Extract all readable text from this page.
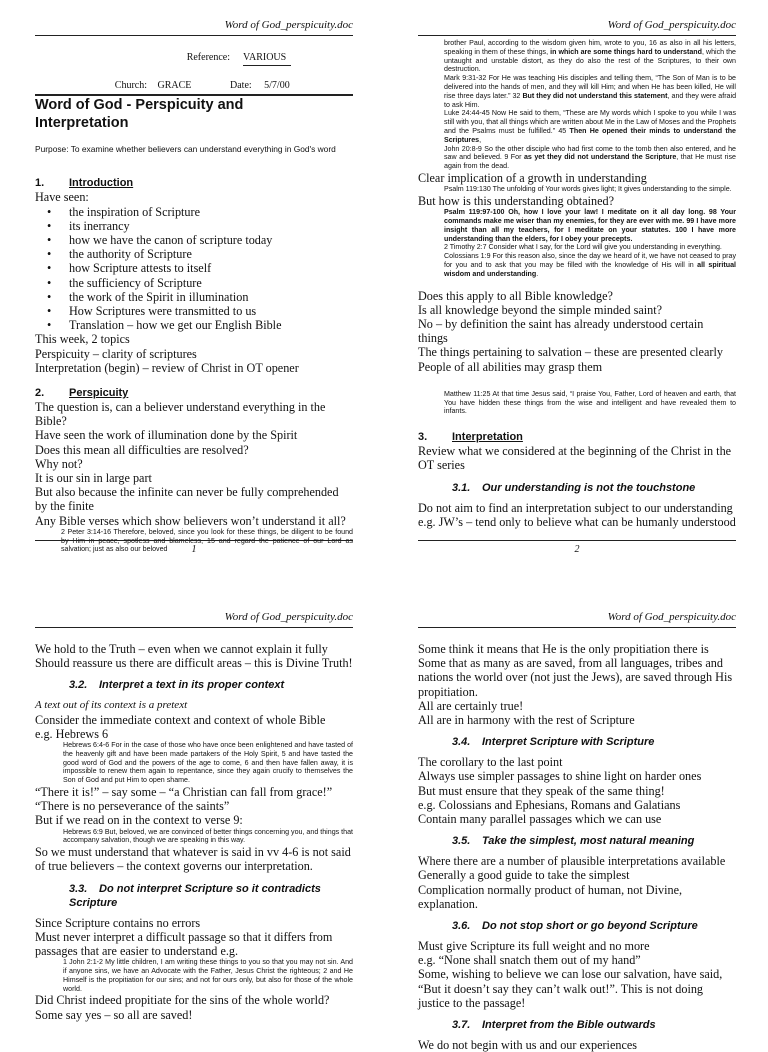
Word of God_perspicuity.doc
Reference: VARIOUS
Church: GRACE	Date: 5/7/00
Word of God - Perspicuity and
Interpretation
Purpose: To examine whether believers can understand everything in God's word
1. Introduction
Have seen:
• the inspiration of Scripture
• its inerrancy
• how we have the canon of scripture today
• the authority of Scripture
• how Scripture attests to itself
• the sufficiency of Scripture
• the work of the Spirit in illumination
• How Scriptures were transmitted to us
• Translation – how we get our English Bible
This week, 2 topics
Perspicuity – clarity of scriptures
Interpretation (begin) – review of Christ in OT opener
2. Perspicuity
The question is, can a believer understand everything in the Bible?
Have seen the work of illumination done by the Spirit
Does this mean all difficulties are resolved?
Why not?
It is our sin in large part
But also because the infinite can never be fully comprehended by the finite
Any Bible verses which show believers won’t understand it all?
2 Peter 3:14-16 Therefore, beloved, since you look for these things, be diligent to be found by Him in peace, spotless and blameless, 15 and regard the patience of our Lord as salvation; just as also our beloved	1
Word of God_perspicuity.doc
brother Paul, according to the wisdom given him, wrote to you, 16 as also in all his letters, speaking in them of these things, in which are some things hard to understand, which the untaught and unstable distort, as they do also the rest of the Scriptures, to their own destruction.
Mark 9:31-32 For He was teaching His disciples and telling them, “The Son of Man is to be delivered into the hands of men, and they will kill Him; and when He has been killed, He will rise three days later.” 32 But they did not understand this statement, and they were afraid to ask Him.
Luke 24:44-45 Now He said to them, “These are My words which I spoke to you while I was still with you, that all things which are written about Me in the Law of Moses and the Prophets and the Psalms must be fulfilled.” 45 Then He opened their minds to understand the Scriptures,
John 20:8-9 So the other disciple who had first come to the tomb then also entered, and he saw and believed. 9 For as yet they did not understand the Scripture, that He must rise again from the dead.
Clear implication of a growth in understanding
Psalm 119:130 The unfolding of Your words gives light; It gives understanding to the simple.
But how is this understanding obtained?
Psalm 119:97-100 Oh, how I love your law! I meditate on it all day long. 98 Your commands make me wiser than my enemies, for they are ever with me. 99 I have more insight than all my teachers, for I meditate on your statutes. 100 I have more understanding than the elders, for I obey your precepts.
2 Timothy 2:7 Consider what I say, for the Lord will give you understanding in everything.
Colossians 1:9 For this reason also, since the day we heard of it, we have not ceased to pray for you and to ask that you may be filled with the knowledge of His will in all spiritual wisdom and understanding.
Does this apply to all Bible knowledge?
Is all knowledge beyond the simple minded saint?
No – by definition the saint has already understood certain things
The things pertaining to salvation – these are presented clearly
People of all abilities may grasp them
Matthew 11:25 At that time Jesus said, “I praise You, Father, Lord of heaven and earth, that You have hidden these things from the wise and intelligent and have revealed them to infants.
3. Interpretation
Review what we considered at the beginning of the Christ in the OT series
3.1. Our understanding is not the touchstone
Do not aim to find an interpretation subject to our understanding
e.g. JW’s – tend only to believe what can be humanly understood
2
Word of God_perspicuity.doc
We hold to the Truth – even when we cannot explain it fully
Should reassure us there are difficult areas – this is Divine Truth!
3.2. Interpret a text in its proper context
A text out of its context is a pretext
Consider the immediate context and context of whole Bible
e.g. Hebrews 6
Hebrews 6:4-6 For in the case of those who have once been enlightened and have tasted of the heavenly gift and have been made partakers of the Holy Spirit, 5 and have tasted the good word of God and the powers of the age to come, 6 and then have fallen away, it is impossible to renew them again to repentance, since they again crucify to themselves the Son of God and put Him to open shame.
“There it is!” – say some – “a Christian can fall from grace!”
“There is no perseverance of the saints”
But if we read on in the context to verse 9:
Hebrews 6:9 But, beloved, we are convinced of better things concerning you, and things that accompany salvation, though we are speaking in this way.
So we must understand that whatever is said in vv 4-6 is not said of true believers – the context governs our interpretation.
3.3. Do not interpret Scripture so it contradicts Scripture
Since Scripture contains no errors
Must never interpret a difficult passage so that it differs from passages that are easier to understand e.g.
1 John 2:1-2 My little children, I am writing these things to you so that you may not sin. And if anyone sins, we have an Advocate with the Father, Jesus Christ the righteous; 2 and He Himself is the propitiation for our sins; and not for ours only, but also for those of the whole world.
Did Christ indeed propitiate for the sins of the whole world?
Some say yes – so all are saved!
Word of God_perspicuity.doc
Some think it means that He is the only propitiation there is
Some that as many as are saved, from all languages, tribes and nations the world over (not just the Jews), are saved through His propitiation.
All are certainly true!
All are in harmony with the rest of Scripture
3.4. Interpret Scripture with Scripture
The corollary to the last point
Always use simpler passages to shine light on harder ones
But must ensure that they speak of the same thing!
e.g. Colossians and Ephesians, Romans and Galatians
Contain many parallel passages which we can use
3.5. Take the simplest, most natural meaning
Where there are a number of plausible interpretations available
Generally a good guide to take the simplest
Complication normally product of human, not Divine, explanation.
3.6. Do not stop short or go beyond Scripture
Must give Scripture its full weight and no more
e.g. “None shall snatch them out of my hand”
Some, wishing to believe we can lose our salvation, have said, “But it doesn’t say they can’t walk out!”. This is not doing justice to the passage!
3.7. Interpret from the Bible outwards
We do not begin with us and our experiences
